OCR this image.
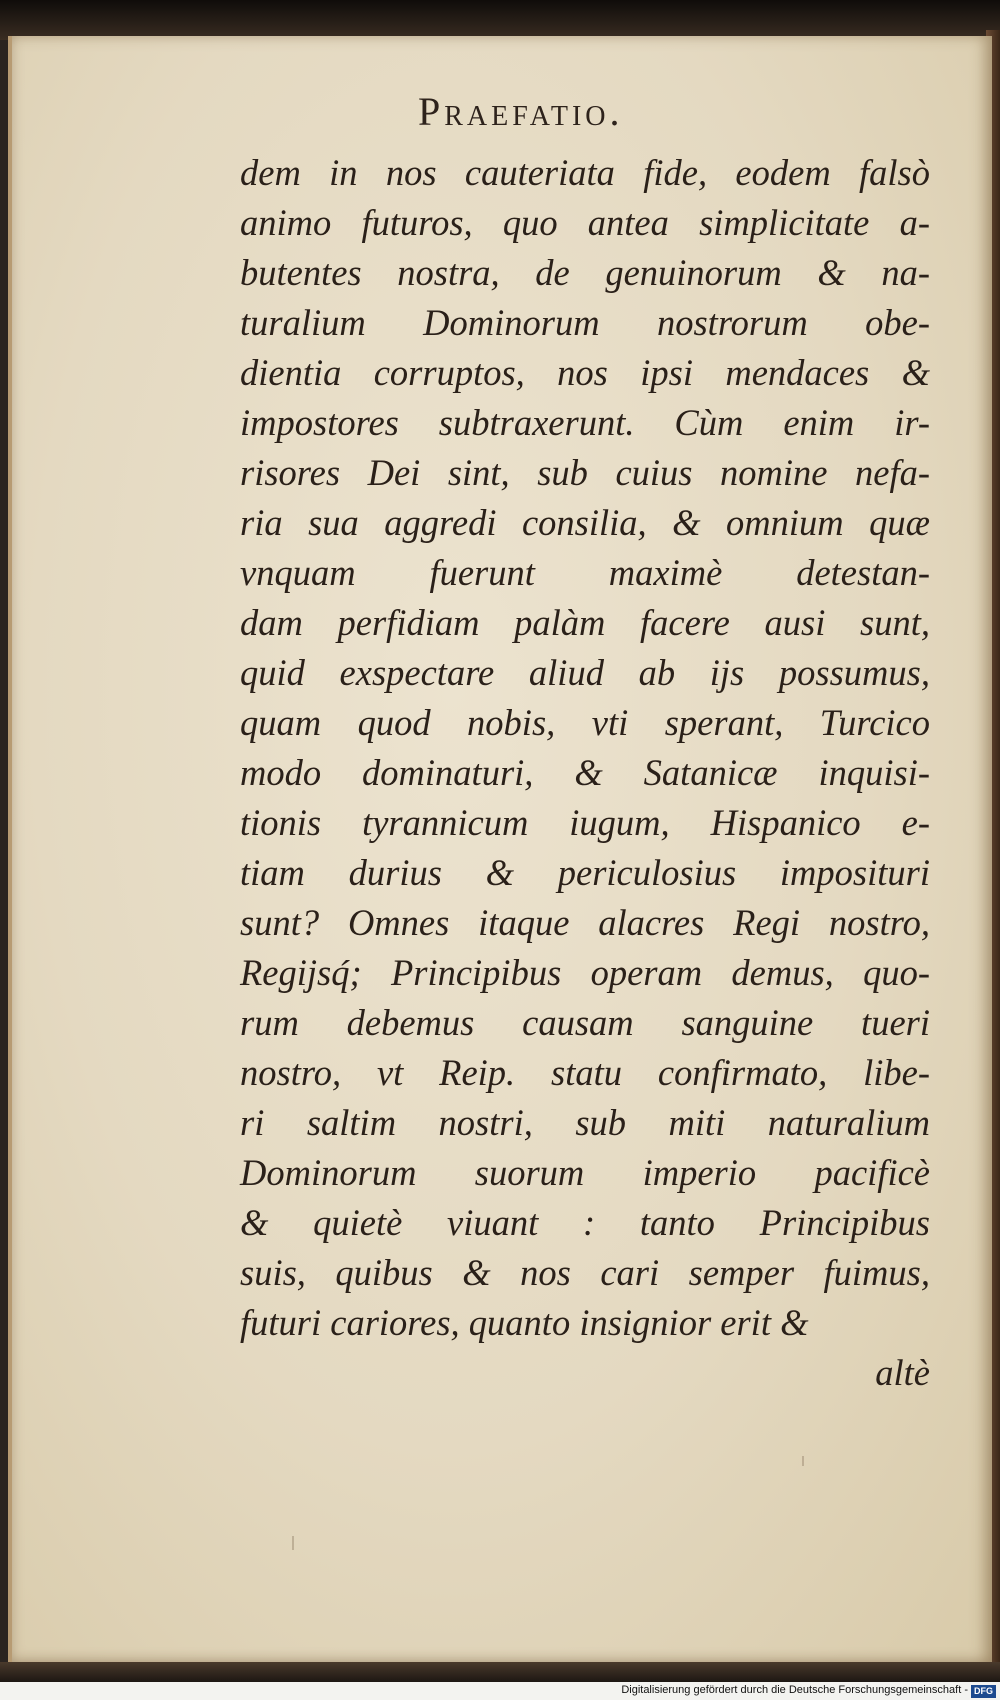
Praefatio.
dem in nos cauteriata fide, eodem falsò
animo futuros, quo antea simplicitate a-
butentes nostra, de genuinorum & na-
turalium Dominorum nostrorum obe-
dientia corruptos, nos ipsi mendaces &
impostores subtraxerunt. Cùm enim ir-
risores Dei sint, sub cuius nomine nefa-
ria sua aggredi consilia, & omnium quæ
vnquam fuerunt maximè detestan-
dam perfidiam palàm facere ausi sunt,
quid exspectare aliud ab ijs possumus,
quam quod nobis, vti sperant, Turcico
modo dominaturi, & Satanicæ inquisi-
tionis tyrannicum iugum, Hispanico e-
tiam durius & periculosius imposituri
sunt? Omnes itaque alacres Regi nostro,
Regijsq́; Principibus operam demus, quo-
rum debemus causam sanguine tueri
nostro, vt Reip. statu confirmato, libe-
ri saltim nostri, sub miti naturalium
Dominorum suorum imperio pacificè
& quietè viuant : tanto Principibus
suis, quibus & nos cari semper fuimus,
futuri cariores, quanto insignior erit &
altè
Digitalisierung gefördert durch die Deutsche Forschungsgemeinschaft - DFG
